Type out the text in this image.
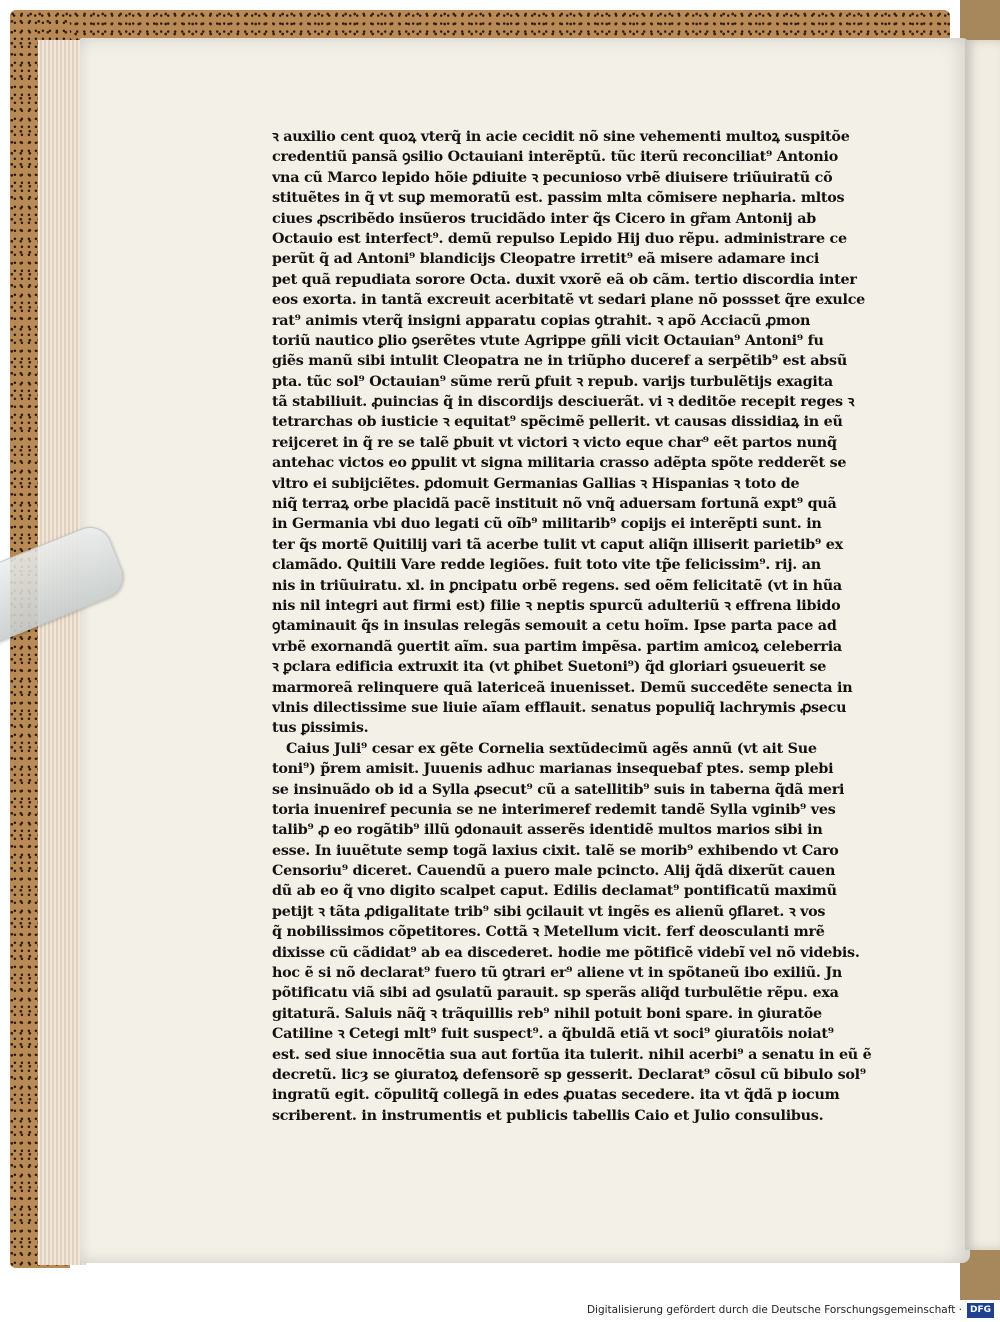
ꝛ auxilio cent quoꝝ vterq̃ in acie cecidit nõ sine vehementi multoꝝ suspitõe
credentiũ pansã ꝯsilio Octauiani interẽptũ. tũc iterũ reconciliat⁹ Antonio
vna cũ Marco lepido hõie ꝑdiuite ꝛ pecunioso vrbẽ diuisere triũuiratũ cõ
stituẽtes in q̃ vt suꝑ memoratũ est. passim mlta cõmisere nepharia. mltos
ciues ꝓscribẽdo insũeros trucidãdo inter q̃s Cicero in gr̃am Antonij ab
Octauio est interfect⁹. demũ repulso Lepido Hij duo rẽpu. administrare ce
perũt q̃ ad Antoni⁹ blandicijs Cleopatre irretit⁹ eã misere adamare inci
pet quã repudiata sorore Octa. duxit vxorẽ eã ob cãm. tertio discordia inter
eos exorta. in tantã excreuit acerbitatẽ vt sedari plane nõ possset q̃re exulce
rat⁹ animis vterq̃ insigni apparatu copias ꝯtrahit. ꝛ apõ Acciacũ ꝓmon
toriũ nautico ꝑlio ꝯserẽtes vtute Agrippe gñli vicit Octauian⁹ Antoni⁹ fu
giẽs manũ sibi intulit Cleopatra ne in triũpho duceref a serpẽtib⁹ est absũ
pta. tũc sol⁹ Octauian⁹ sũme rerũ ꝑfuit ꝛ repub. varijs turbulẽtijs exagita
tã stabiliuit. ꝓuincias q̃ in discordijs desciuerãt. vi ꝛ deditõe recepit reges ꝛ
tetrarchas ob iusticie ꝛ equitat⁹ spẽcimẽ pellerit. vt causas dissidiaꝝ in eũ
reijceret in q̃ re se talẽ ꝑbuit vt victori ꝛ victo eque char⁹ eẽt partos nunq̃
antehac victos eo ꝑpulit vt signa militaria crasso adẽpta spõte redderẽt se
vltro ei subijciẽtes. ꝑdomuit Germanias Gallias ꝛ Hispanias ꝛ toto de
niq̃ terraꝝ orbe placidã pacẽ instituit nõ vnq̃ aduersam fortunã expt⁹ quã
in Germania vbi duo legati cũ oĩb⁹ militarib⁹ copijs ei interẽpti sunt. in
ter q̃s mortẽ Quitilij vari tã acerbe tulit vt caput aliq̃n illiserit parietib⁹ ex
clamãdo. Quitili Vare redde legiões. fuit toto vite tp̃e felicissim⁹. rij. an
nis in triũuiratu. xl. in ꝑncipatu orbẽ regens. sed oẽm felicitatẽ (vt in hũa
nis nil integri aut firmi est) filie ꝛ neptis spurcũ adulteriũ ꝛ effrena libido
ꝯtaminauit q̃s in insulas relegãs semouit a cetu hoĩm. Ipse parta pace ad
vrbẽ exornandã ꝯuertit aĩm. sua partim impẽsa. partim amicoꝝ celeberria
ꝛ ꝑclara edificia extruxit ita (vt ꝑhibet Suetoni⁹) q̃d gloriari ꝯsueuerit se
marmoreã relinquere quã latericeã inuenisset. Demũ succedẽte senecta in
vlnis dilectissime sue liuie aĩam efflauit. senatus populiq̃ lachrymis ꝓsecu
tus ꝑissimis.
Caius Juli⁹ cesar ex gẽte Cornelia sextũdecimũ agẽs annũ (vt ait Sue
toni⁹) p̃rem amisit. Juuenis adhuc marianas insequebaf ptes. semp plebi
se insinuãdo ob id a Sylla ꝓsecut⁹ cũ a satellitib⁹ suis in taberna q̃dã meri
toria inueniref pecunia se ne interimeref redemit tandẽ Sylla vginib⁹ ves
talib⁹ ꝓ eo rogãtib⁹ illũ ꝯdonauit asserẽs identidẽ multos marios sibi in
esse. In iuuẽtute semp togã laxius cixit. talẽ se morib⁹ exhibendo vt Caro
Censoriu⁹ diceret. Cauendũ a puero male pcincto. Alij q̃dã dixerũt cauen
dũ ab eo q̃ vno digito scalpet caput. Edilis declamat⁹ pontificatũ maximũ
petijt ꝛ tãta ꝓdigalitate trib⁹ sibi ꝯcilauit vt ingẽs es alienũ ꝯflaret. ꝛ vos
q̃ nobilissimos cõpetitores. Cottã ꝛ Metellum vicit. ferf deosculanti mrẽ
dixisse cũ cãdidat⁹ ab ea discederet. hodie me põtificẽ videbĩ vel nõ videbis.
hoc ẽ si nõ declarat⁹ fuero tũ ꝯtrari er⁹ aliene vt in spõtaneũ ibo exiliũ. Jn
põtificatu viã sibi ad ꝯsulatũ parauit. sp sperãs aliq̃d turbulẽtie rẽpu. exa
gitaturã. Saluis nãq̃ ꝛ trãquillis reb⁹ nihil potuit boni spare. in ꝯiuratõe
Catiline ꝛ Cetegi mlt⁹ fuit suspect⁹. a q̃buldã etiã vt soci⁹ ꝯiuratõis noiat⁹
est. sed siue innocẽtia sua aut fortũa ita tulerit. nihil acerbi⁹ a senatu in eũ ẽ
decretũ. licȝ se ꝯiuratoꝝ defensorẽ sp gesserit. Declarat⁹ cõsul cũ bibulo sol⁹
ingratũ egit. cõpulitq̃ collegã in edes ꝓuatas secedere. ita vt q̃dã p iocum
scriberent. in instrumentis et publicis tabellis Caio et Julio consulibus.
Digitalisierung gefördert durch die Deutsche Forschungsgemeinschaft · DFG
